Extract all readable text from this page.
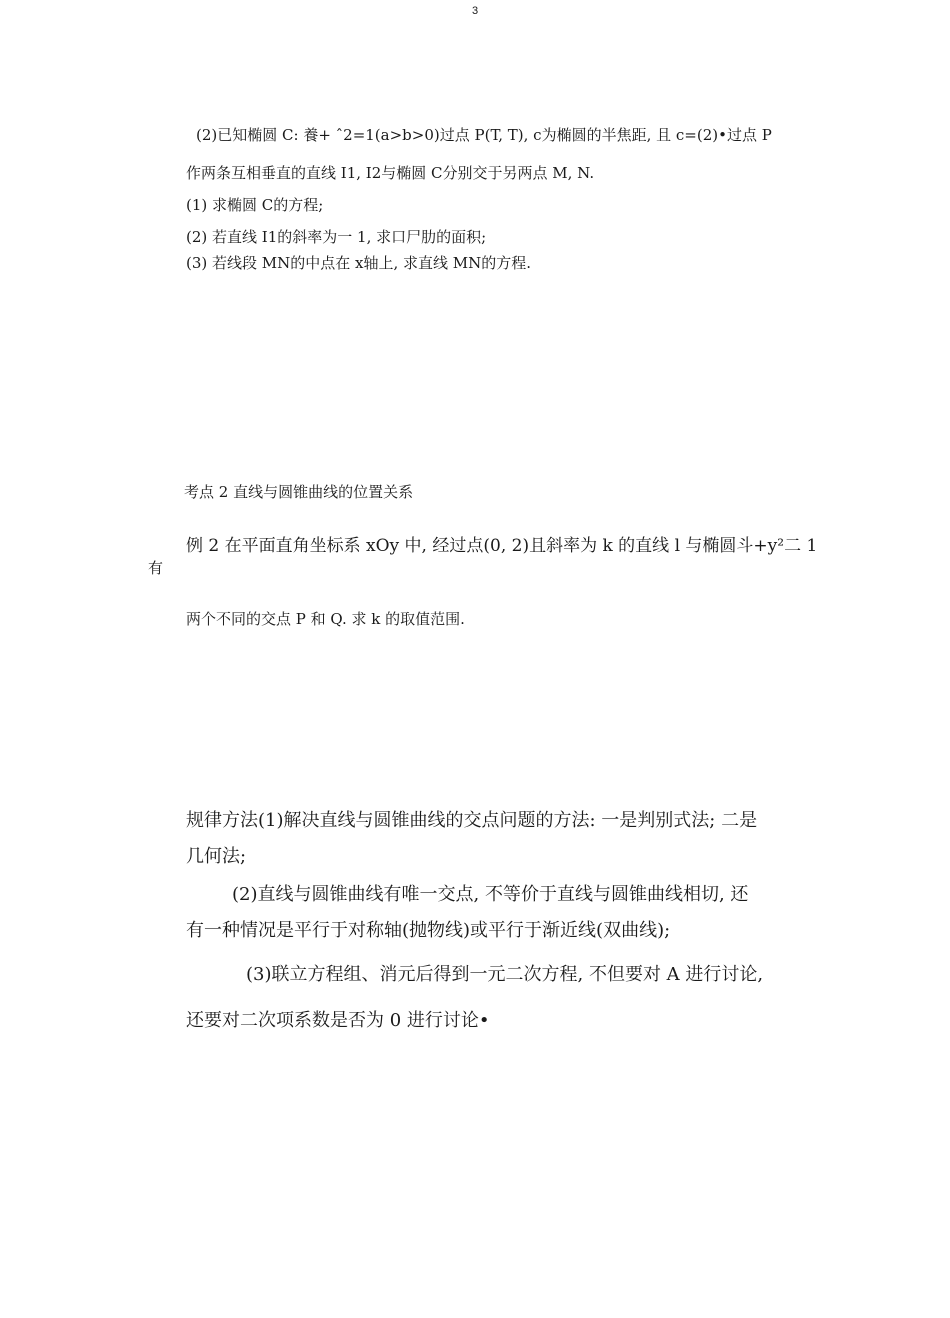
3
(2)已知椭圆 C: 養+ ˆ2=1(a>b>0)过点 P(T, T), c为椭圆的半焦距, 且 c=(2)•过点 P
作两条互相垂直的直线 I1, I2与椭圆 C分别交于另两点 M, N.
(1) 求椭圆 C的方程;
(2) 若直线 I1的斜率为一 1, 求口尸肋的面积;
(3) 若线段 MN的中点在 x轴上, 求直线 MN的方程.
考点 2 直线与圆锥曲线的位置关系
例 2 在平面直角坐标系 xOy 中, 经过点(0, 2)且斜率为 k 的直线 l 与椭圆斗+y²二 1
有
两个不同的交点 P 和 Q. 求 k 的取值范围.
规律方法(1)解决直线与圆锥曲线的交点问题的方法: 一是判别式法; 二是
几何法;
(2)直线与圆锥曲线有唯一交点, 不等价于直线与圆锥曲线相切, 还
有一种情况是平行于对称轴(抛物线)或平行于渐近线(双曲线);
(3)联立方程组、消元后得到一元二次方程, 不但要对 A 进行讨论,
还要对二次项系数是否为 0 进行讨论•
